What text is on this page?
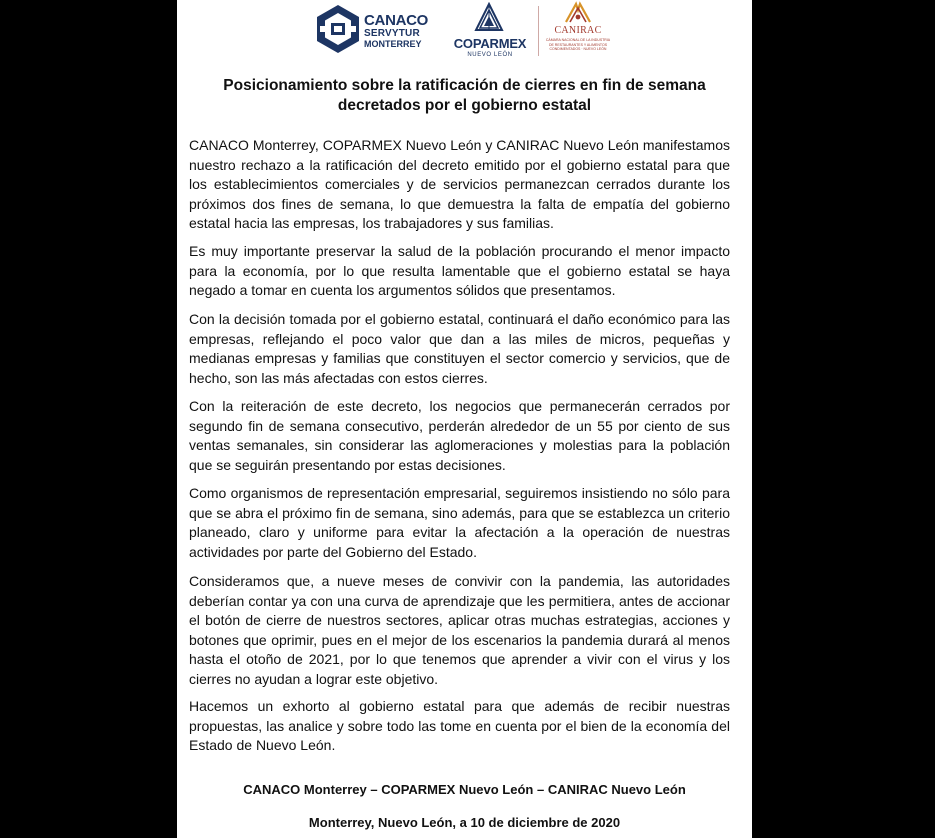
CANACO
SERVYTUR
MONTERREY	COPARMEX
NUEVO LEÓN
CANIRAC
CÁMARA NACIONAL DE LA INDUSTRIA DE RESTAURANTES Y ALIMENTOS CONDIMENTADOS · NUEVO LEÓN
Posicionamiento sobre la ratificación de cierres en fin de semana
decretados por el gobierno estatal

CANACO Monterrey, COPARMEX Nuevo León y CANIRAC Nuevo León manifestamos nuestro rechazo a la ratificación del decreto emitido por el gobierno estatal para que los establecimientos comerciales y de servicios permanezcan cerrados durante los próximos dos fines de semana, lo que demuestra la falta de empatía del gobierno estatal hacia las empresas, los trabajadores y sus familias.

Es muy importante preservar la salud de la población procurando el menor impacto para la economía, por lo que resulta lamentable que el gobierno estatal se haya negado a tomar en cuenta los argumentos sólidos que presentamos.

Con la decisión tomada por el gobierno estatal, continuará el daño económico para las empresas, reflejando el poco valor que dan a las miles de micros, pequeñas y medianas empresas y familias que constituyen el sector comercio y servicios, que de hecho, son las más afectadas con estos cierres.

Con la reiteración de este decreto, los negocios que permanecerán cerrados por segundo fin de semana consecutivo, perderán alrededor de un 55 por ciento de sus ventas semanales, sin considerar las aglomeraciones y molestias para la población que se seguirán presentando por estas decisiones.

Como organismos de representación empresarial, seguiremos insistiendo no sólo para que se abra el próximo fin de semana, sino además, para que se establezca un criterio planeado, claro y uniforme para evitar la afectación a la operación de nuestras actividades por parte del Gobierno del Estado.

Consideramos que, a nueve meses de convivir con la pandemia, las autoridades deberían contar ya con una curva de aprendizaje que les permitiera, antes de accionar el botón de cierre de nuestros sectores, aplicar otras muchas estrategias, acciones y botones que oprimir, pues en el mejor de los escenarios la pandemia durará al menos hasta el otoño de 2021, por lo que tenemos que aprender a vivir con el virus y los cierres no ayudan a lograr este objetivo.

Hacemos un exhorto al gobierno estatal para que además de recibir nuestras propuestas, las analice y sobre todo las tome en cuenta por el bien de la economía del Estado de Nuevo León.

CANACO Monterrey – COPARMEX Nuevo León – CANIRAC Nuevo León
Monterrey, Nuevo León, a 10 de diciembre de 2020
